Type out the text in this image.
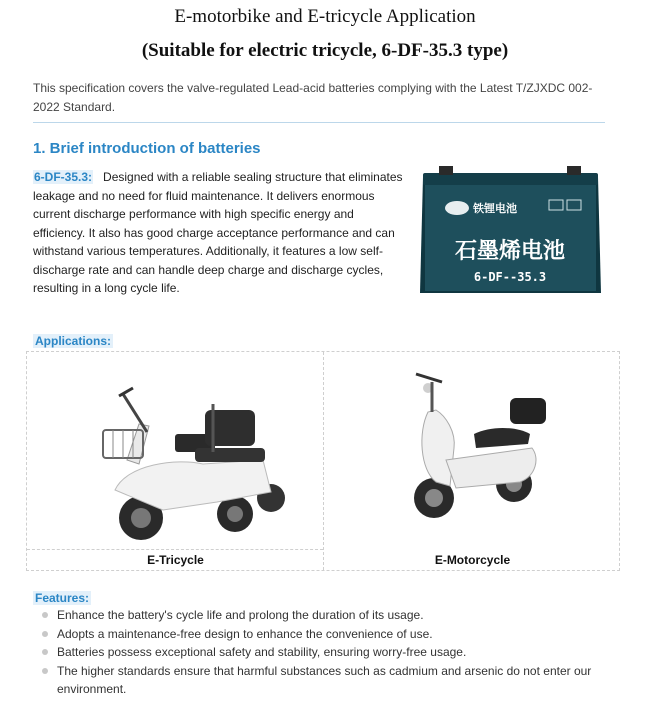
E-motorbike and E-tricycle Application
(Suitable for electric tricycle, 6-DF-35.3 type)
This specification covers the valve-regulated Lead-acid batteries complying with the Latest T/ZJXDC 002-2022 Standard.
1. Brief introduction of batteries
6-DF-35.3: Designed with a reliable sealing structure that eliminates leakage and no need for fluid maintenance. It delivers enormous current discharge performance with high specific energy and efficiency. It also has good charge acceptance performance and can withstand various temperatures. Additionally, it features a low self-discharge rate and can handle deep charge and discharge cycles, resulting in a long cycle life.
铁锂电池
石墨烯电池
6-DF--35.3
Applications:
E-Tricycle	E-Motorcycle
Features:
Enhance the battery's cycle life and prolong the duration of its usage.
Adopts a maintenance-free design to enhance the convenience of use.
Batteries possess exceptional safety and stability, ensuring worry-free usage.
The higher standards ensure that harmful substances such as cadmium and arsenic do not enter our environment.
